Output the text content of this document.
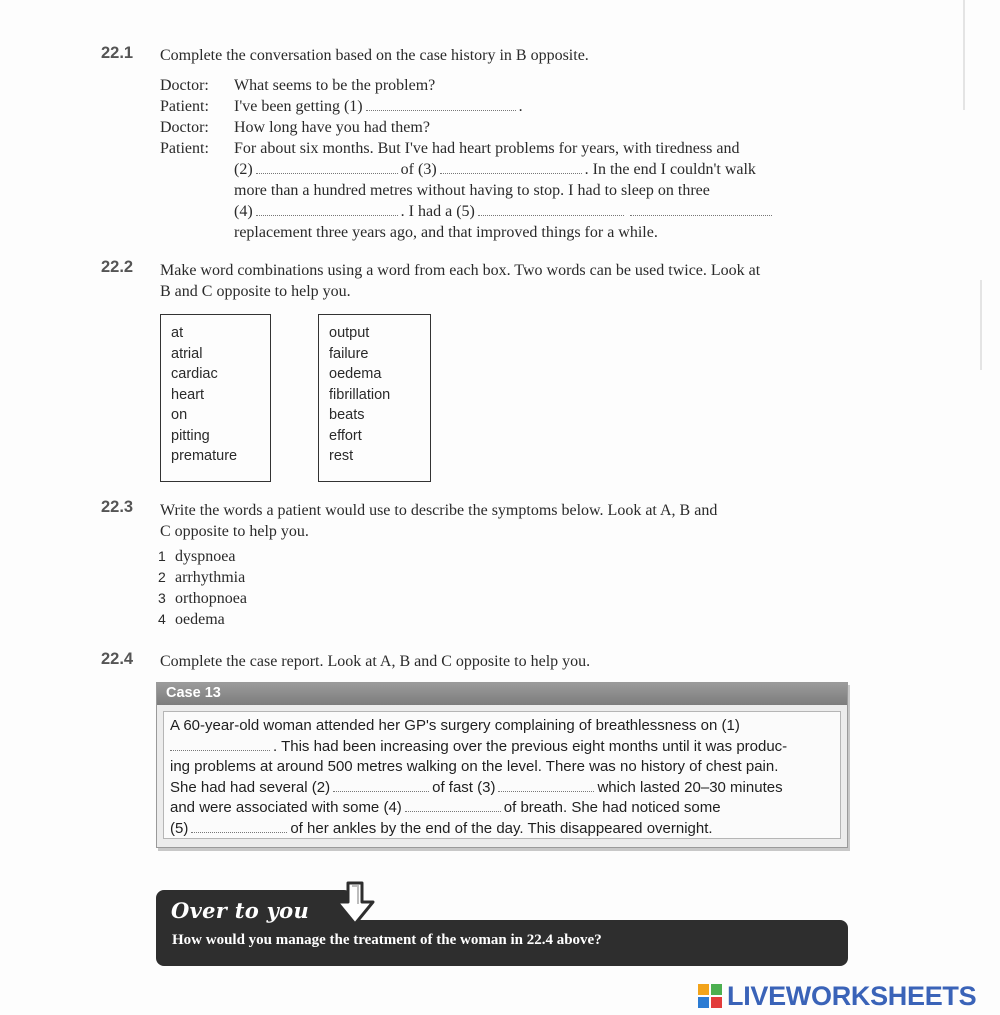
22.1 Complete the conversation based on the case history in B opposite.
Doctor:	What seems to be the problem?
Patient:	I've been getting (1)	.
Doctor:	How long have you had them?
Patient:	For about six months. But I've had heart problems for years, with tiredness and
(2)	of (3)	. In the end I couldn't walk
more than a hundred metres without having to stop. I had to sleep on three
(4)	. I had a (5)
replacement three years ago, and that improved things for a while.
22.2 Make word combinations using a word from each box. Two words can be used twice. Look at
B and C opposite to help you.
at
atrial
cardiac
heart
on
pitting
premature
output
failure
oedema
fibrillation
beats
effort
rest
22.3 Write the words a patient would use to describe the symptoms below. Look at A, B and
C opposite to help you.
1 dyspnoea
2 arrhythmia
3 orthopnoea
4 oedema
22.4 Complete the case report. Look at A, B and C opposite to help you.
Case 13
A 60-year-old woman attended her GP's surgery complaining of breathlessness on (1)
. This had been increasing over the previous eight months until it was produc-
ing problems at around 500 metres walking on the level. There was no history of chest pain.
She had had several (2)	of fast (3)	which lasted 20–30 minutes
and were associated with some (4)	of breath. She had noticed some
(5)	of her ankles by the end of the day. This disappeared overnight.
Over to you
How would you manage the treatment of the woman in 22.4 above?
LIVEWORKSHEETS
